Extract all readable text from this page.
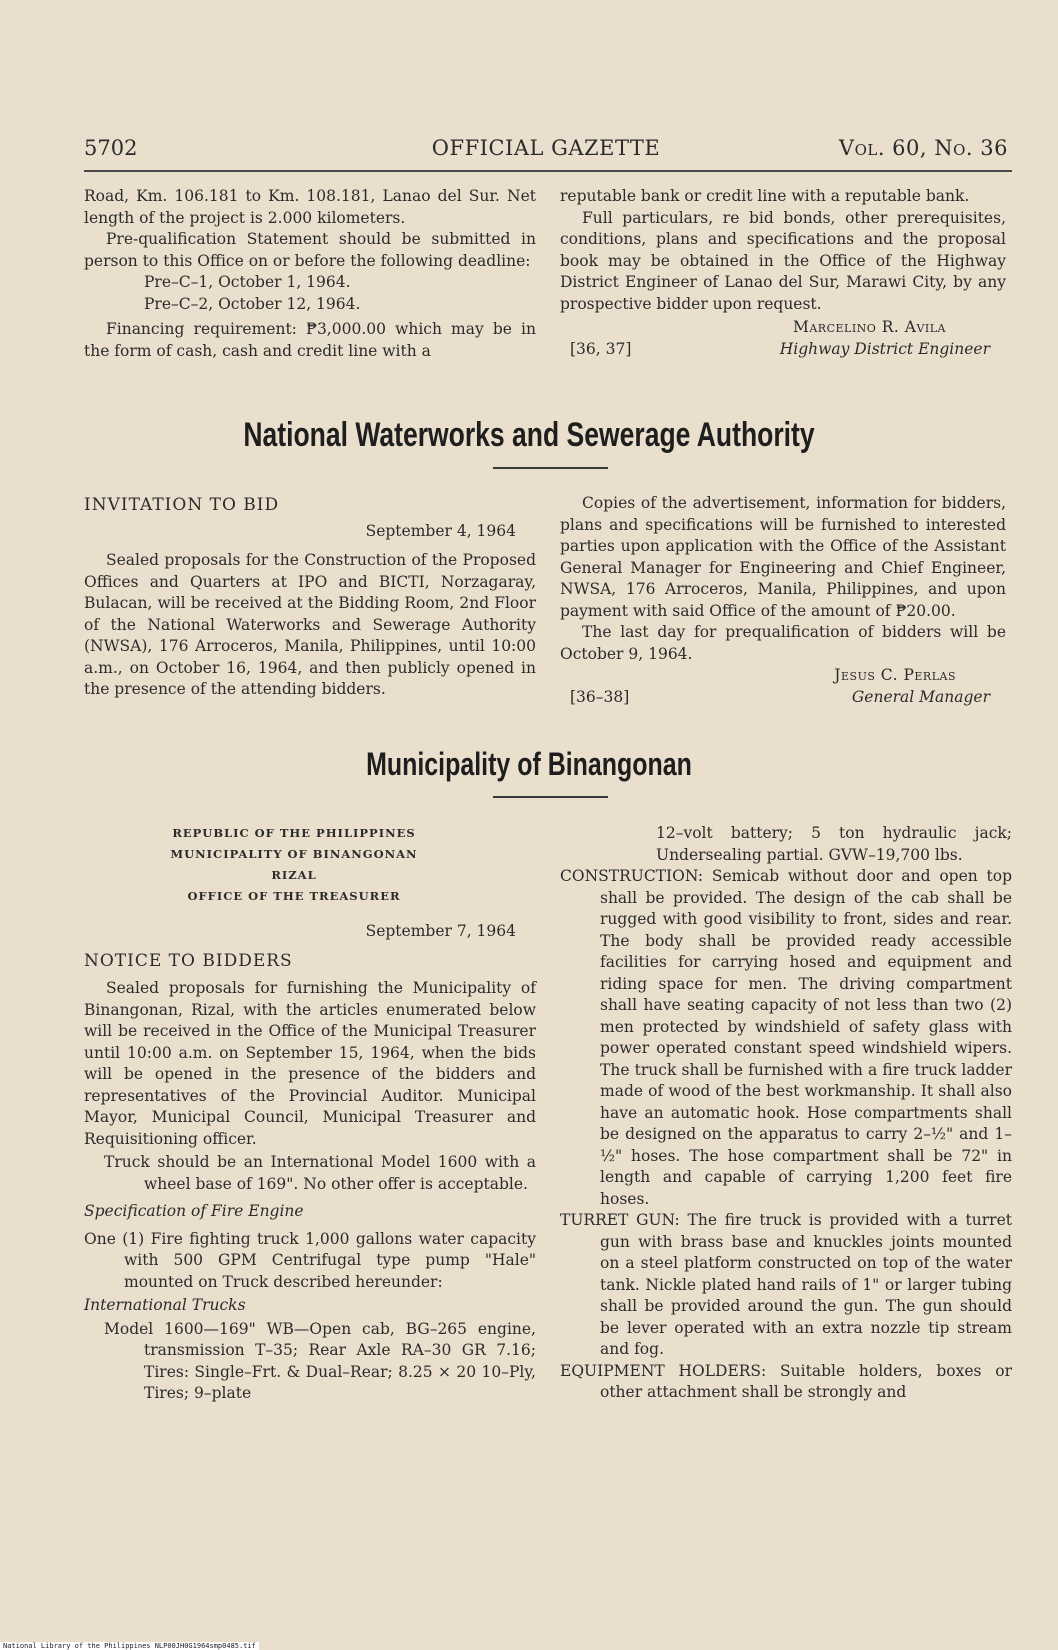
5702	OFFICIAL GAZETTE	Vol. 60, No. 36

Road, Km. 106.181 to Km. 108.181, Lanao del Sur. Net length of the project is 2.000 kilometers.

Pre-qualification Statement should be submitted in person to this Office on or before the following deadline:

Pre–C–1, October 1, 1964.

Pre–C–2, October 12, 1964.

Financing requirement: ₱3,000.00 which may be in the form of cash, cash and credit line with a

reputable bank or credit line with a reputable bank.

Full particulars, re bid bonds, other prerequisites, conditions, plans and specifications and the proposal book may be obtained in the Office of the Highway District Engineer of Lanao del Sur, Marawi City, by any prospective bidder upon request.

Marcelino R. Avila

[36, 37]	Highway District Engineer
National Waterworks and Sewerage Authority

INVITATION TO BID

September 4, 1964

Sealed proposals for the Construction of the Proposed Offices and Quarters at IPO and BICTI, Norzagaray, Bulacan, will be received at the Bidding Room, 2nd Floor of the National Waterworks and Sewerage Authority (NWSA), 176 Arroceros, Manila, Philippines, until 10:00 a.m., on October 16, 1964, and then publicly opened in the presence of the attending bidders.

Copies of the advertisement, information for bidders, plans and specifications will be furnished to interested parties upon application with the Office of the Assistant General Manager for Engineering and Chief Engineer, NWSA, 176 Arroceros, Manila, Philippines, and upon payment with said Office of the amount of ₱20.00.

The last day for prequalification of bidders will be October 9, 1964.

Jesus C. Perlas

[36–38]	General Manager
Municipality of Binangonan
REPUBLIC OF THE PHILIPPINES
MUNICIPALITY OF BINANGONAN
RIZAL
OFFICE OF THE TREASURER

September 7, 1964

NOTICE TO BIDDERS

Sealed proposals for furnishing the Municipality of Binangonan, Rizal, with the articles enumerated below will be received in the Office of the Municipal Treasurer until 10:00 a.m. on September 15, 1964, when the bids will be opened in the presence of the bidders and representatives of the Provincial Auditor. Municipal Mayor, Municipal Council, Municipal Treasurer and Requisitioning officer.

Truck should be an International Model 1600 with a wheel base of 169". No other offer is acceptable.

Specification of Fire Engine

One (1) Fire fighting truck 1,000 gallons water capacity with 500 GPM Centrifugal type pump "Hale" mounted on Truck described hereunder:

International Trucks

Model 1600—169" WB—Open cab, BG–265 engine, transmission T–35; Rear Axle RA–30 GR 7.16; Tires: Single–Frt. & Dual–Rear; 8.25 × 20 10–Ply, Tires; 9–plate

12–volt battery; 5 ton hydraulic jack; Undersealing partial. GVW–19,700 lbs.

CONSTRUCTION: Semicab without door and open top shall be provided. The design of the cab shall be rugged with good visibility to front, sides and rear. The body shall be provided ready accessible facilities for carrying hosed and equipment and riding space for men. The driving compartment shall have seating capacity of not less than two (2) men protected by windshield of safety glass with power operated constant speed windshield wipers. The truck shall be furnished with a fire truck ladder made of wood of the best workmanship. It shall also have an automatic hook. Hose compartments shall be designed on the apparatus to carry 2–½" and 1–½" hoses. The hose compartment shall be 72" in length and capable of carrying 1,200 feet fire hoses.

TURRET GUN: The fire truck is provided with a turret gun with brass base and knuckles joints mounted on a steel platform constructed on top of the water tank. Nickle plated hand rails of 1" or larger tubing shall be provided around the gun. The gun should be lever operated with an extra nozzle tip stream and fog.

EQUIPMENT HOLDERS: Suitable holders, boxes or other attachment shall be strongly and

National Library of the Philippines NLP00JH0G1964smp0485.tif
